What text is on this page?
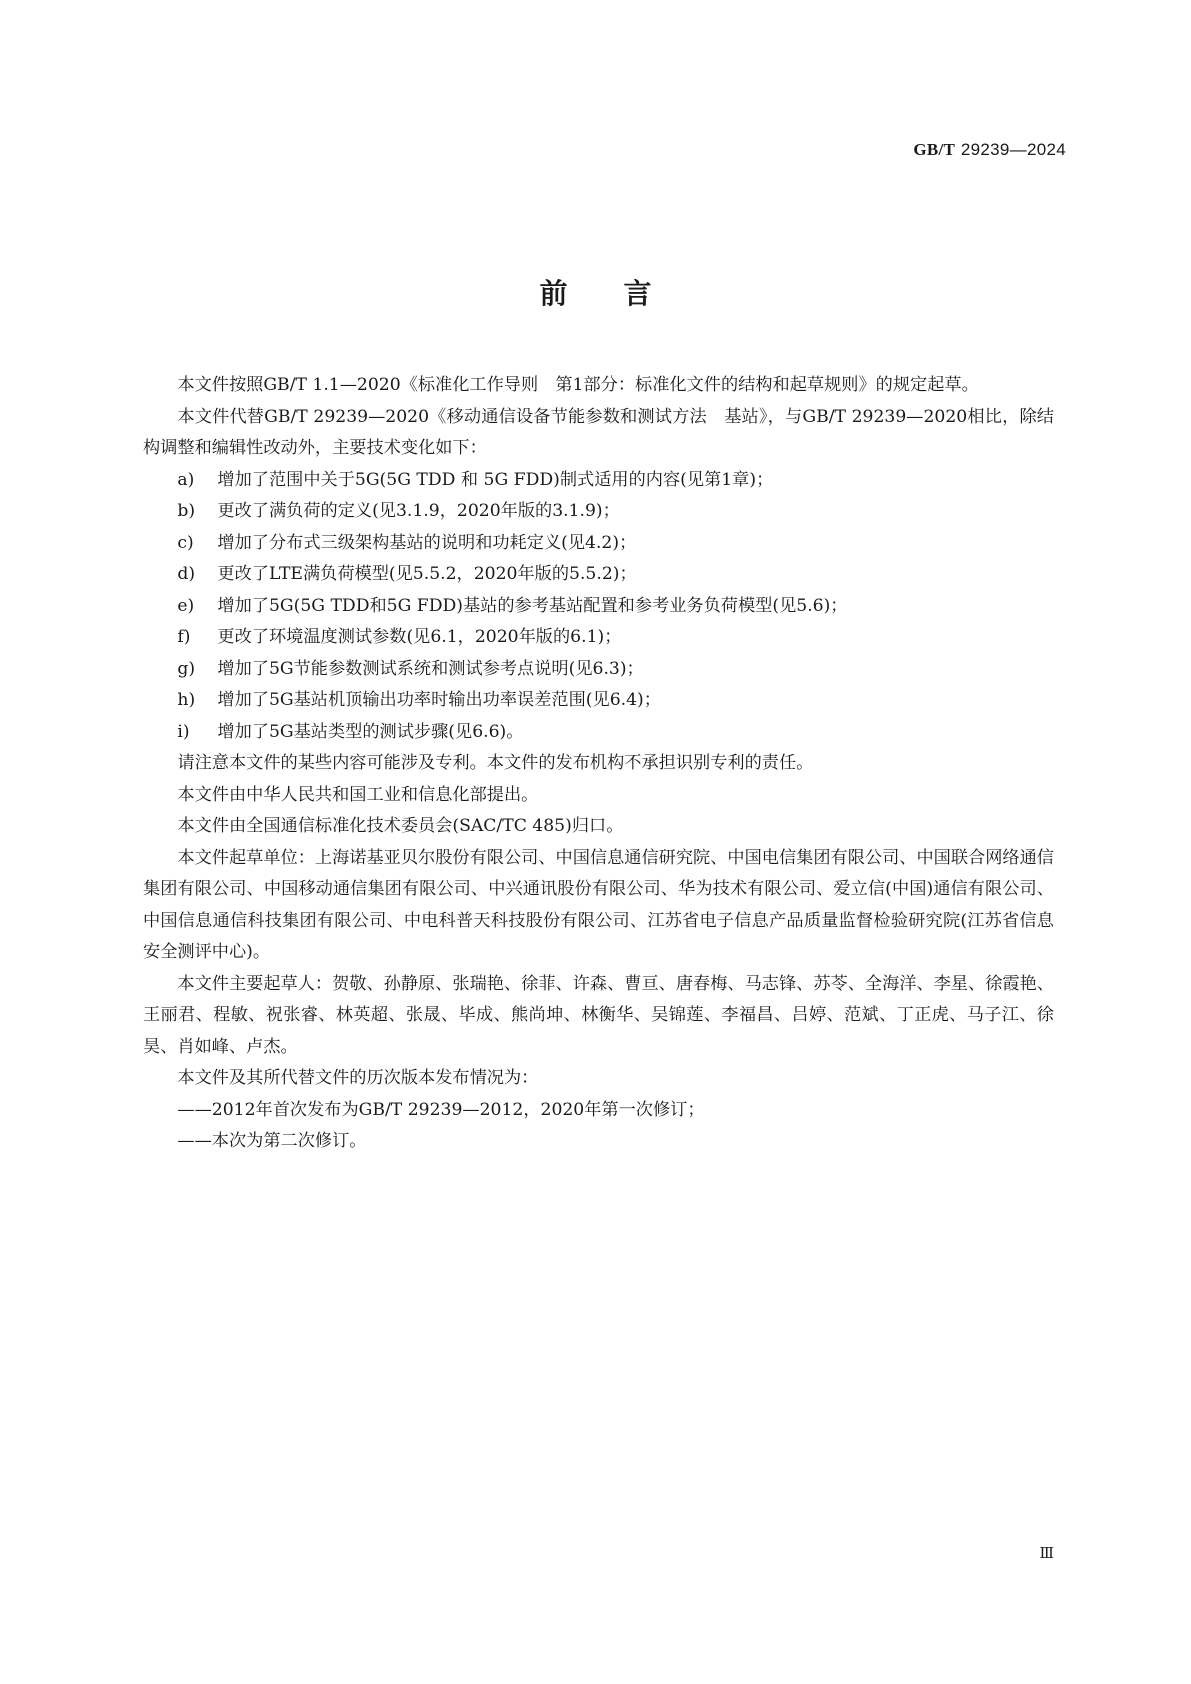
GB/T 29239—2024
前 言

本文件按照GB/T 1.1—2020《标准化工作导则　第1部分：标准化文件的结构和起草规则》的规定起草。

本文件代替GB/T 29239—2020《移动通信设备节能参数和测试方法　基站》，与GB/T 29239—2020相比，除结构调整和编辑性改动外，主要技术变化如下：

a) 增加了范围中关于5G(5G TDD 和 5G FDD)制式适用的内容(见第1章)；

b) 更改了满负荷的定义(见3.1.9，2020年版的3.1.9)；

c) 增加了分布式三级架构基站的说明和功耗定义(见4.2)；

d) 更改了LTE满负荷模型(见5.5.2，2020年版的5.5.2)；

e) 增加了5G(5G TDD和5G FDD)基站的参考基站配置和参考业务负荷模型(见5.6)；

f) 更改了环境温度测试参数(见6.1，2020年版的6.1)；

g) 增加了5G节能参数测试系统和测试参考点说明(见6.3)；

h) 增加了5G基站机顶输出功率时输出功率误差范围(见6.4)；

i) 增加了5G基站类型的测试步骤(见6.6)。

请注意本文件的某些内容可能涉及专利。本文件的发布机构不承担识别专利的责任。

本文件由中华人民共和国工业和信息化部提出。

本文件由全国通信标准化技术委员会(SAC/TC 485)归口。

本文件起草单位：上海诺基亚贝尔股份有限公司、中国信息通信研究院、中国电信集团有限公司、中国联合网络通信集团有限公司、中国移动通信集团有限公司、中兴通讯股份有限公司、华为技术有限公司、爱立信(中国)通信有限公司、中国信息通信科技集团有限公司、中电科普天科技股份有限公司、江苏省电子信息产品质量监督检验研究院(江苏省信息安全测评中心)。

本文件主要起草人：贺敬、孙静原、张瑞艳、徐菲、许森、曹亘、唐春梅、马志锋、苏苓、全海洋、李星、徐霞艳、王丽君、程敏、祝张睿、林英超、张晟、毕成、熊尚坤、林衡华、吴锦莲、李福昌、吕婷、范斌、丁正虎、马子江、徐昊、肖如峰、卢杰。

本文件及其所代替文件的历次版本发布情况为：

——2012年首次发布为GB/T 29239—2012，2020年第一次修订；

——本次为第二次修订。

Ⅲ
